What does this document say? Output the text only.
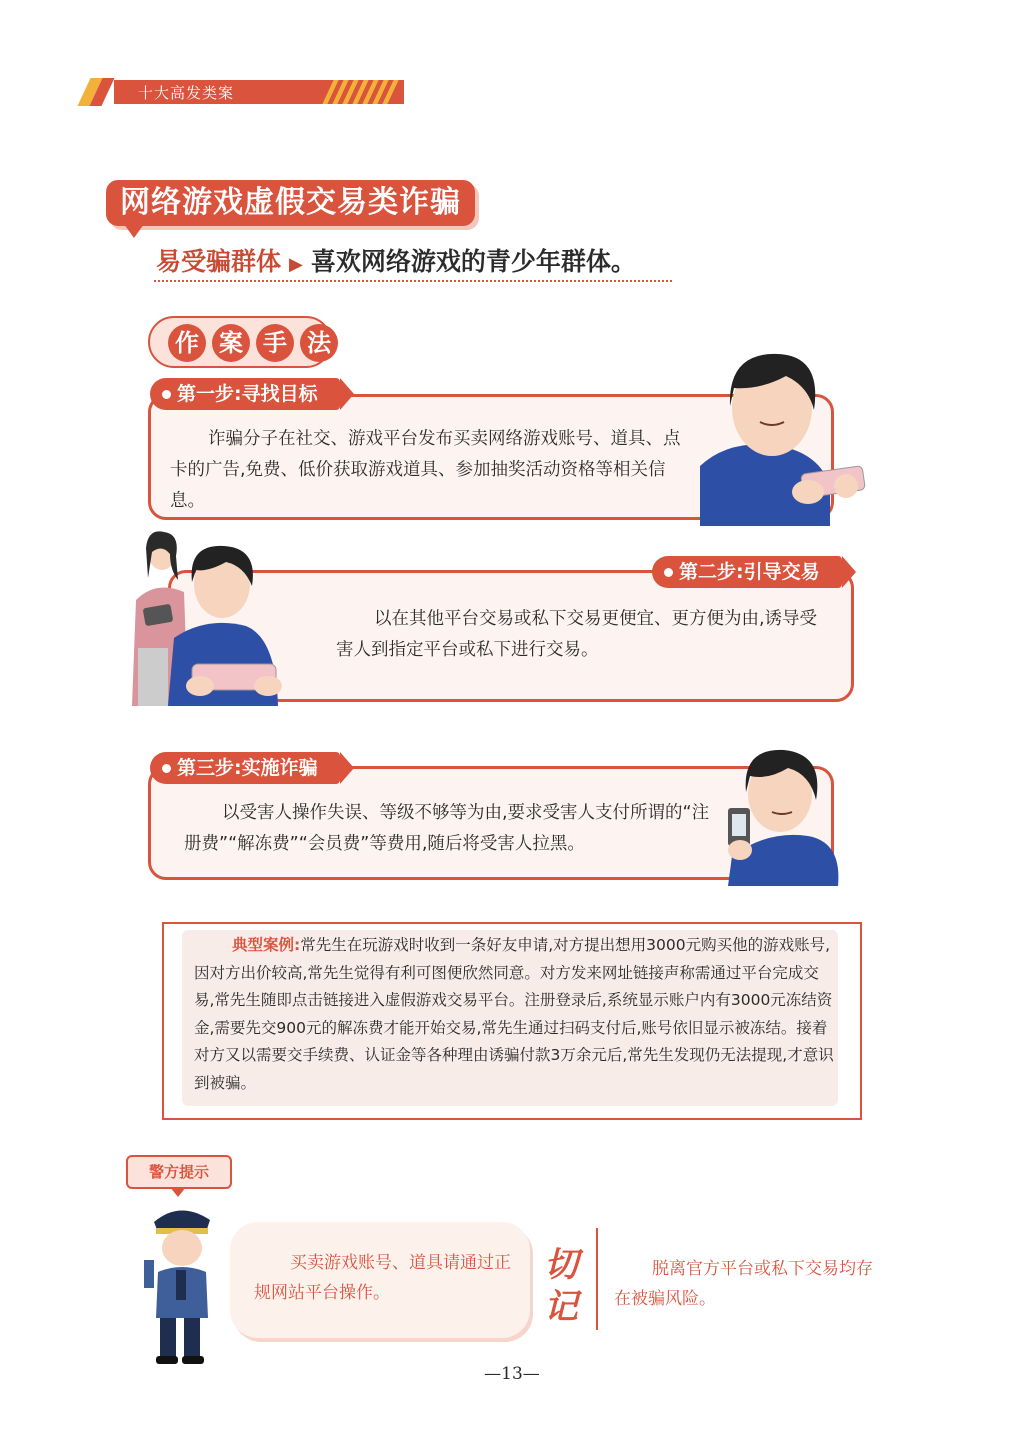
十大高发类案
网络游戏虚假交易类诈骗
易受骗群体 ▶ 喜欢网络游戏的青少年群体。
作 案 手 法
第一步:寻找目标
诈骗分子在社交、游戏平台发布买卖网络游戏账号、道具、点卡的广告,免费、低价获取游戏道具、参加抽奖活动资格等相关信息。
第二步:引导交易
以在其他平台交易或私下交易更便宜、更方便为由,诱导受害人到指定平台或私下进行交易。
第三步:实施诈骗
以受害人操作失误、等级不够等为由,要求受害人支付所谓的“注册费”“解冻费”“会员费”等费用,随后将受害人拉黑。
典型案例:常先生在玩游戏时收到一条好友申请,对方提出想用3000元购买他的游戏账号,因对方出价较高,常先生觉得有利可图便欣然同意。对方发来网址链接声称需通过平台完成交易,常先生随即点击链接进入虚假游戏交易平台。注册登录后,系统显示账户内有3000元冻结资金,需要先交900元的解冻费才能开始交易,常先生通过扫码支付后,账号依旧显示被冻结。接着对方又以需要交手续费、认证金等各种理由诱骗付款3万余元后,常先生发现仍无法提现,才意识到被骗。
警方提示
买卖游戏账号、道具请通过正规网站平台操作。
切记
脱离官方平台或私下交易均存在被骗风险。
—13—
